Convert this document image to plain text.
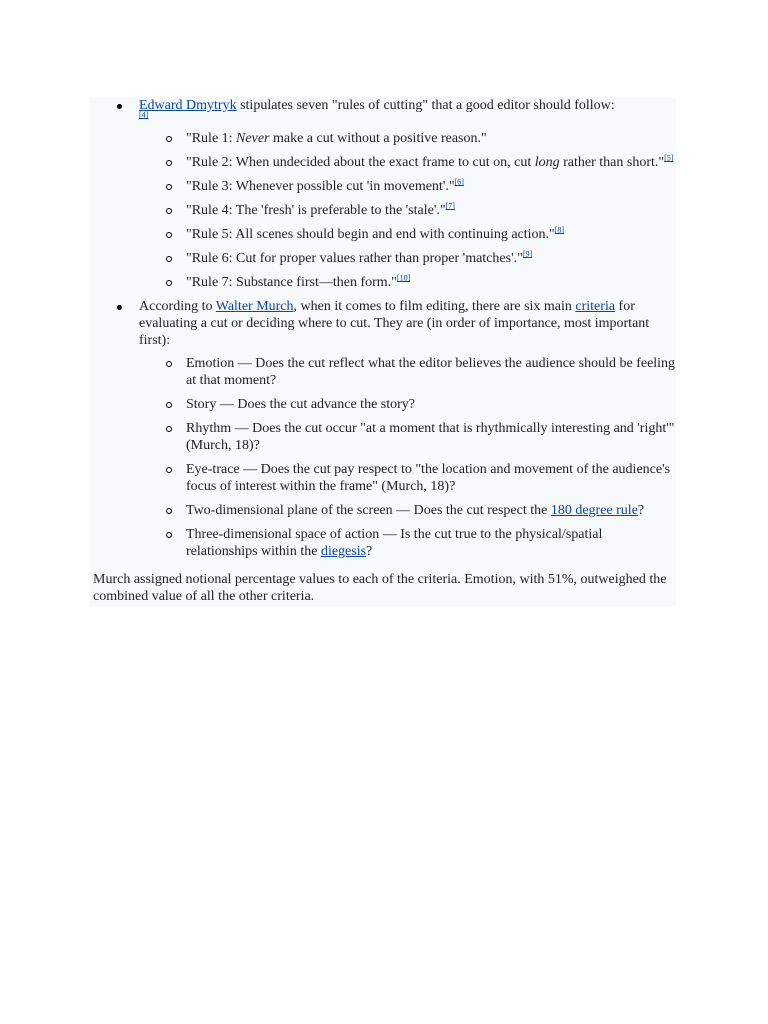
Edward Dmytryk stipulates seven "rules of cutting" that a good editor should follow:
[4]
"Rule 1: Never make a cut without a positive reason."
"Rule 2: When undecided about the exact frame to cut on, cut long rather than short."[5]
"Rule 3: Whenever possible cut 'in movement'."[6]
"Rule 4: The 'fresh' is preferable to the 'stale'."[7]
"Rule 5: All scenes should begin and end with continuing action."[8]
"Rule 6: Cut for proper values rather than proper 'matches'."[9]
"Rule 7: Substance first—then form."[10]
According to Walter Murch, when it comes to film editing, there are six main criteria for evaluating a cut or deciding where to cut. They are (in order of importance, most important first):
Emotion — Does the cut reflect what the editor believes the audience should be feeling at that moment?
Story — Does the cut advance the story?
Rhythm — Does the cut occur "at a moment that is rhythmically interesting and 'right'" (Murch, 18)?
Eye-trace — Does the cut pay respect to "the location and movement of the audience's focus of interest within the frame" (Murch, 18)?
Two-dimensional plane of the screen — Does the cut respect the 180 degree rule?
Three-dimensional space of action — Is the cut true to the physical/spatial relationships within the diegesis?

Murch assigned notional percentage values to each of the criteria. Emotion, with 51%, outweighed the combined value of all the other criteria.
